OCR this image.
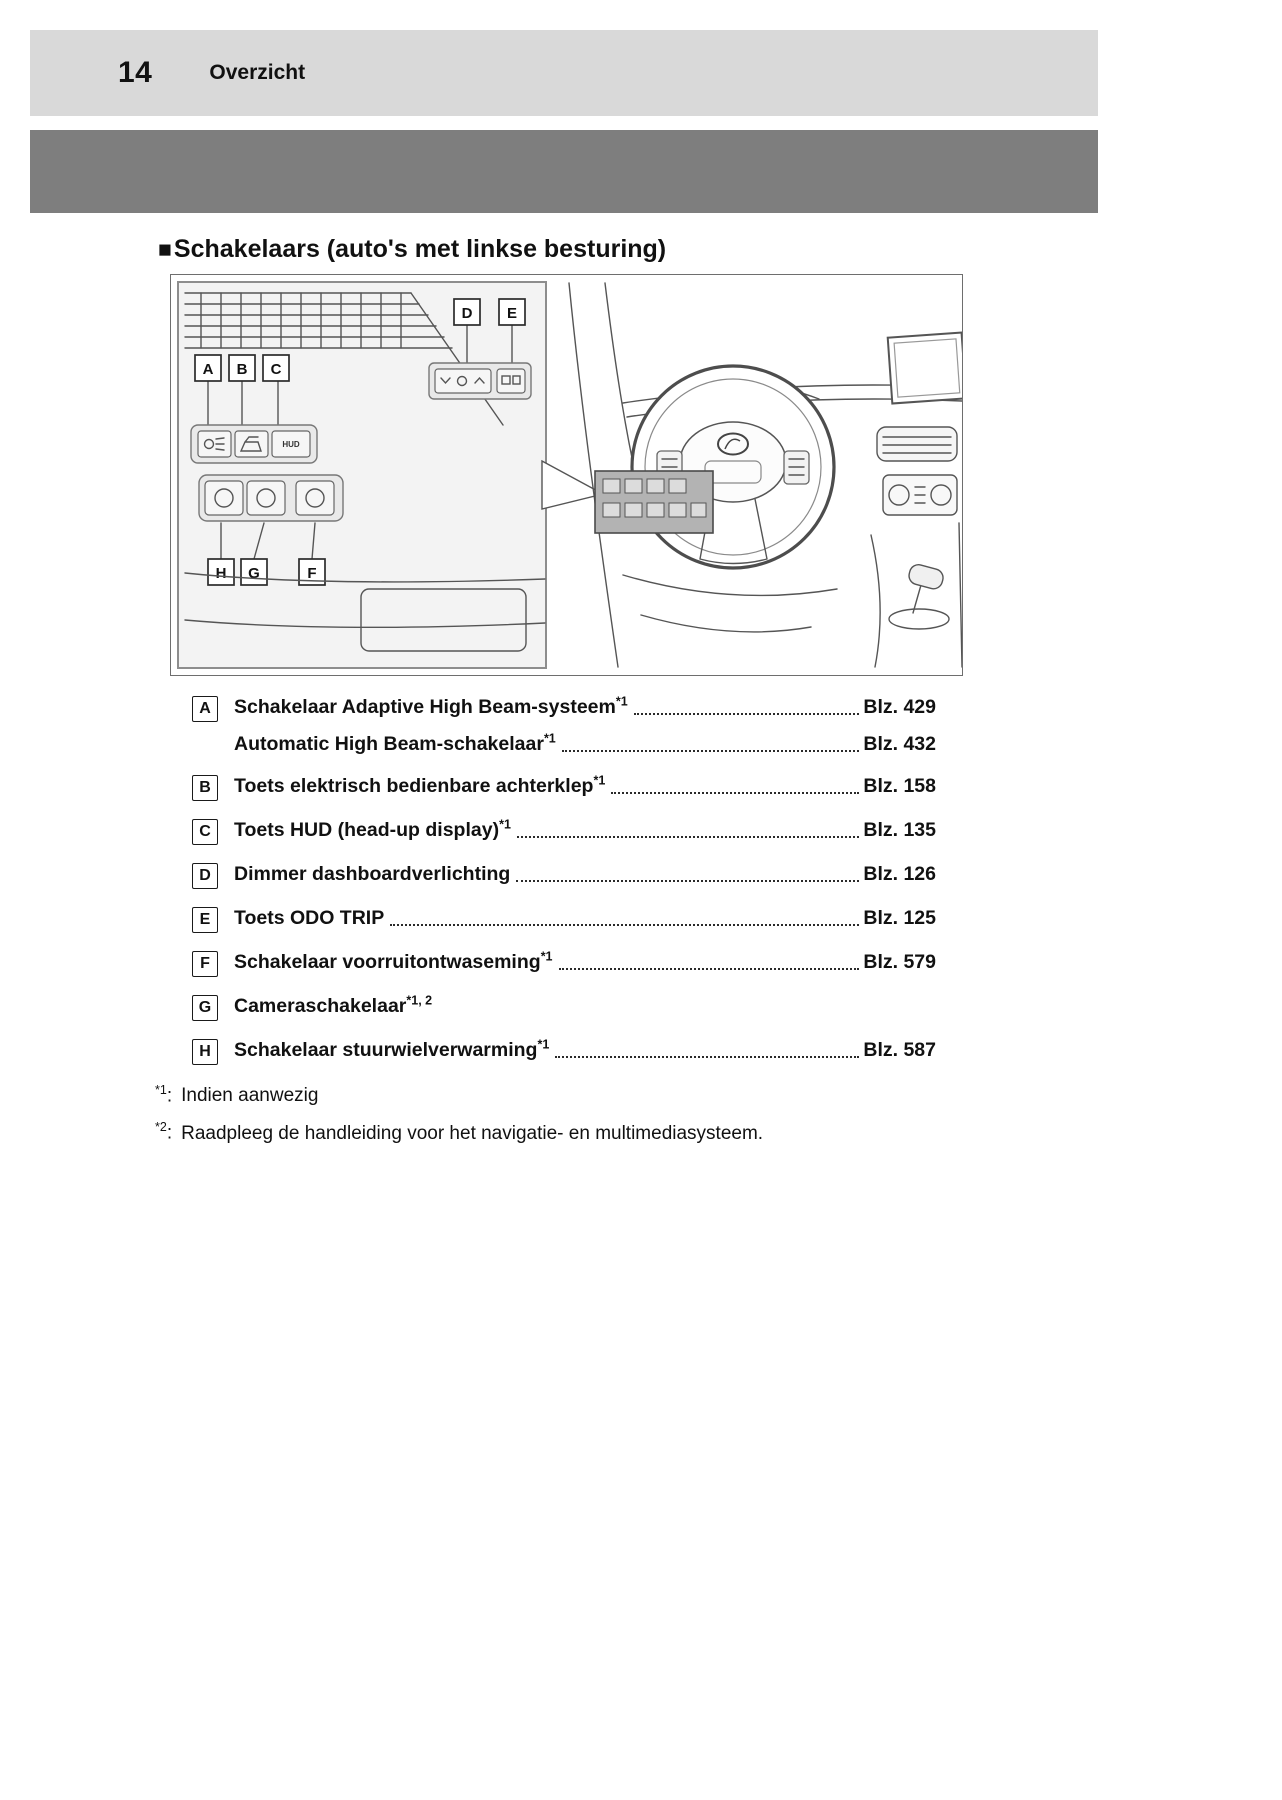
14	Overzicht
■ Schakelaars (auto's met linkse besturing)
A B C
HUD
H G	F
D E
A	Schakelaar Adaptive High Beam-systeem$^{*1}$	Blz. 429
Automatic High Beam-schakelaar$^{*1}$	Blz. 432
B	Toets elektrisch bedienbare achterklep$^{*1}$	Blz. 158
C	Toets HUD (head-up display)$^{*1}$	Blz. 135
D	Dimmer dashboardverlichting	Blz. 126
E	Toets ODO TRIP	Blz. 125
F	Schakelaar voorruitontwaseming$^{*1}$	Blz. 579
G	Cameraschakelaar$^{*1, 2}$
H	Schakelaar stuurwielverwarming$^{*1}$	Blz. 587
$^{*1}$: Indien aanwezig
$^{*2}$: Raadpleeg de handleiding voor het navigatie- en multimediasysteem.
